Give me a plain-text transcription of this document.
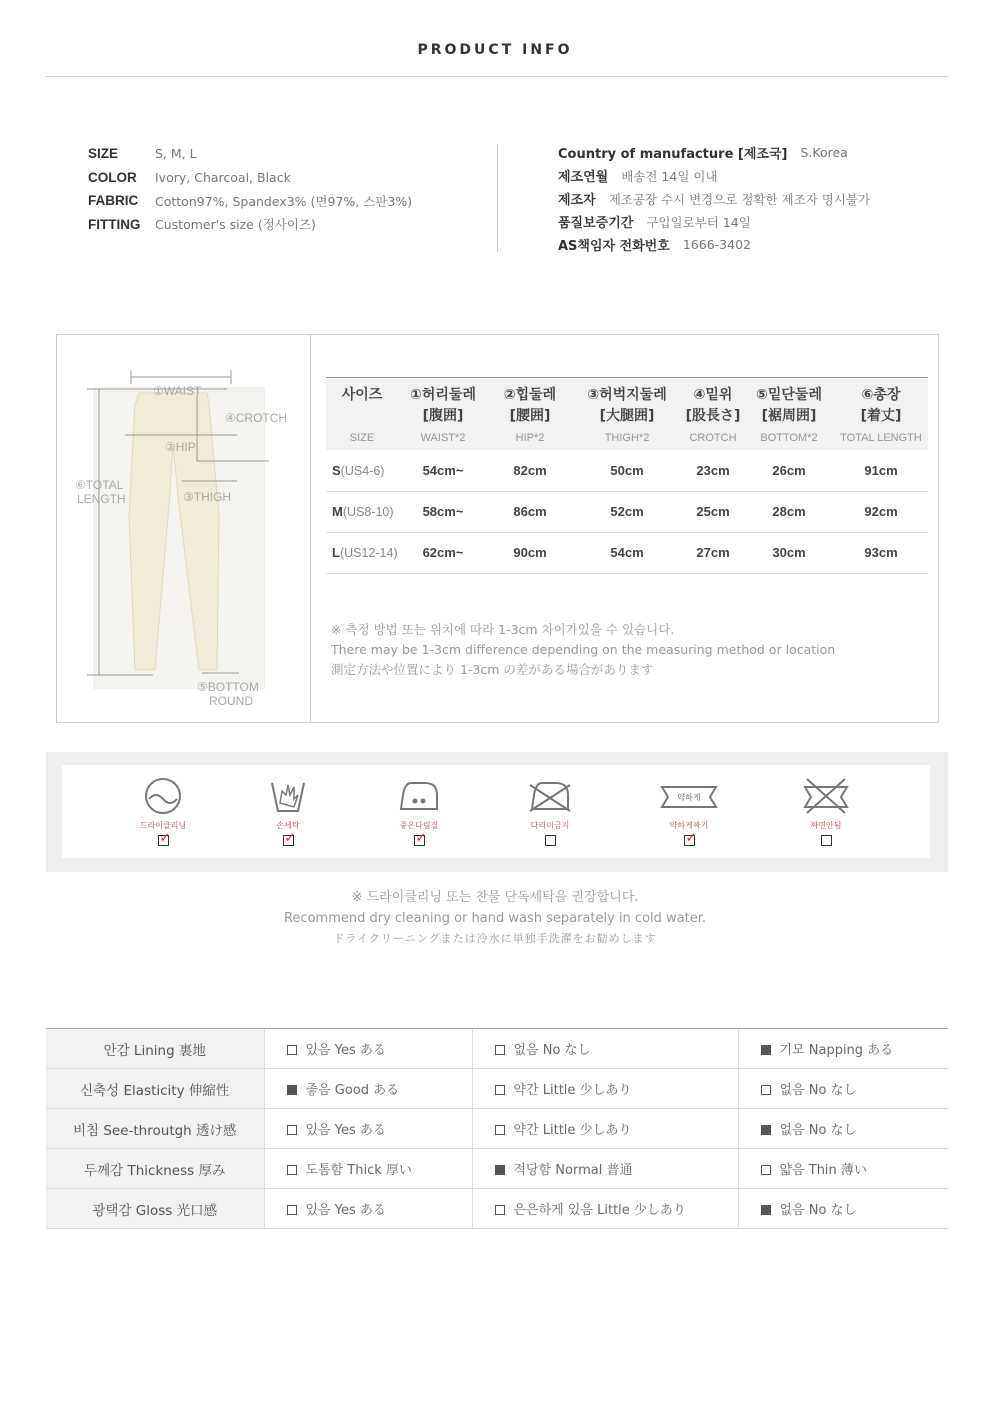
PRODUCT INFO
SIZE	S, M, L
COLOR	Ivory, Charcoal, Black
FABRIC	Cotton97%, Spandex3% (면97%, 스판3%)
FITTING	Customer's size (정사이즈)
Country of manufacture [제조국] S.Korea
제조연월 배송전 14일 이내
제조자 제조공장 수시 변경으로 정확한 제조자 명시불가
품질보증기간 구입일로부터 14일
AS책임자 전화번호 1666-3402
①WAIST
④CROTCH
②HIP
⑥TOTAL
LENGTH	③THIGH
⑤BOTTOM
ROUND
사이즈	①허리둘레	②힙둘레	③허벅지둘레	④밑위	⑤밑단둘레	⑥총장
	[腹囲]	[腰囲]	[大腿囲]	[股長さ]	[裾周囲]	[着丈]
SIZE	WAIST*2	HIP*2	THIGH*2	CROTCH	BOTTOM*2	TOTAL LENGTH
S(US4-6)	54cm~	82cm	50cm	23cm	26cm	91cm
M(US8-10)	58cm~	86cm	52cm	25cm	28cm	92cm
L(US12-14)	62cm~	90cm	54cm	27cm	30cm	93cm
※ 측정 방법 또는 위치에 따라 1-3cm 차이가있을 수 있습니다.
There may be 1-3cm difference depending on the measuring method or location
測定方法や位置により 1-3cm の差がある場合があります
드라이클리닝
✓	손세탁
✓	중온다림질
✓	다리미금지
약하게
약하게짜기
✓	짜면안됨
※ 드라이클리닝 또는 찬물 단독세탁을 권장합니다.
Recommend dry cleaning or hand wash separately in cold water.
ドライクリーニングまたは冷水に単独手洗濯をお勧めします
안감 Lining 裏地	있음 Yes ある	없음 No なし	기모 Napping ある
신축성 Elasticity 伸縮性	좋음 Good ある	약간 Little 少しあり	없음 No なし
비침 See-throutgh 透け感	있음 Yes ある	약간 Little 少しあり	없음 No なし
두께감 Thickness 厚み	도톰함 Thick 厚い	적당함 Normal 普通	얇음 Thin 薄い
광택감 Gloss 光口感	있음 Yes ある	은은하게 있음 Little 少しあり	없음 No なし
